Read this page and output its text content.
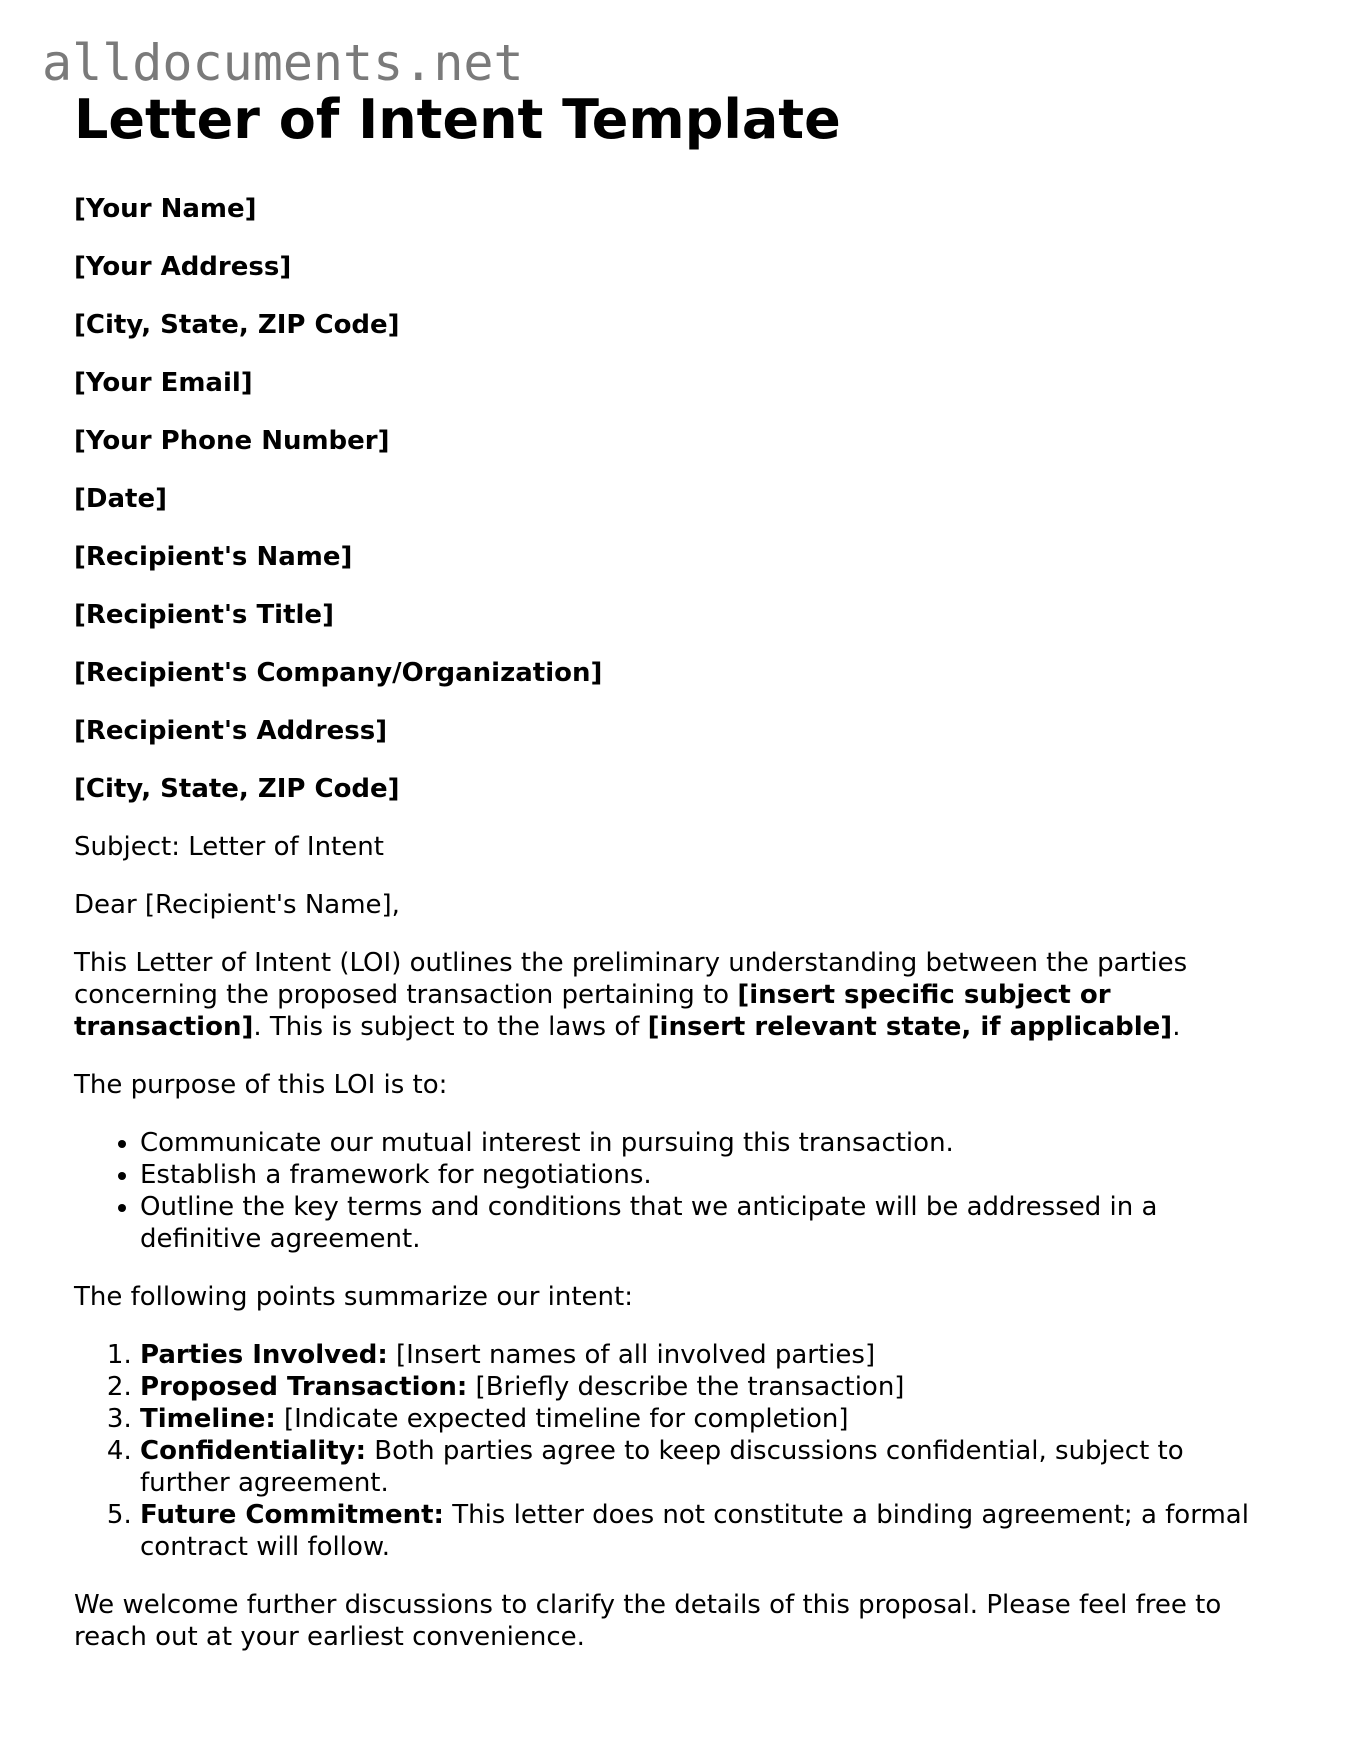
alldocuments.net
Letter of Intent Template

[Your Name]

[Your Address]

[City, State, ZIP Code]

[Your Email]

[Your Phone Number]

[Date]

[Recipient's Name]

[Recipient's Title]

[Recipient's Company/Organization]

[Recipient's Address]

[City, State, ZIP Code]

Subject: Letter of Intent

Dear [Recipient's Name],

This Letter of Intent (LOI) outlines the preliminary understanding between the parties concerning the proposed transaction pertaining to [insert specific subject or transaction]. This is subject to the laws of [insert relevant state, if applicable].

The purpose of this LOI is to:

• Communicate our mutual interest in pursuing this transaction.
• Establish a framework for negotiations.
• Outline the key terms and conditions that we anticipate will be addressed in a definitive agreement.

The following points summarize our intent:

1. Parties Involved: [Insert names of all involved parties]
2. Proposed Transaction: [Briefly describe the transaction]
3. Timeline: [Indicate expected timeline for completion]
4. Confidentiality: Both parties agree to keep discussions confidential, subject to further agreement.
5. Future Commitment: This letter does not constitute a binding agreement; a formal contract will follow.

We welcome further discussions to clarify the details of this proposal. Please feel free to reach out at your earliest convenience.
